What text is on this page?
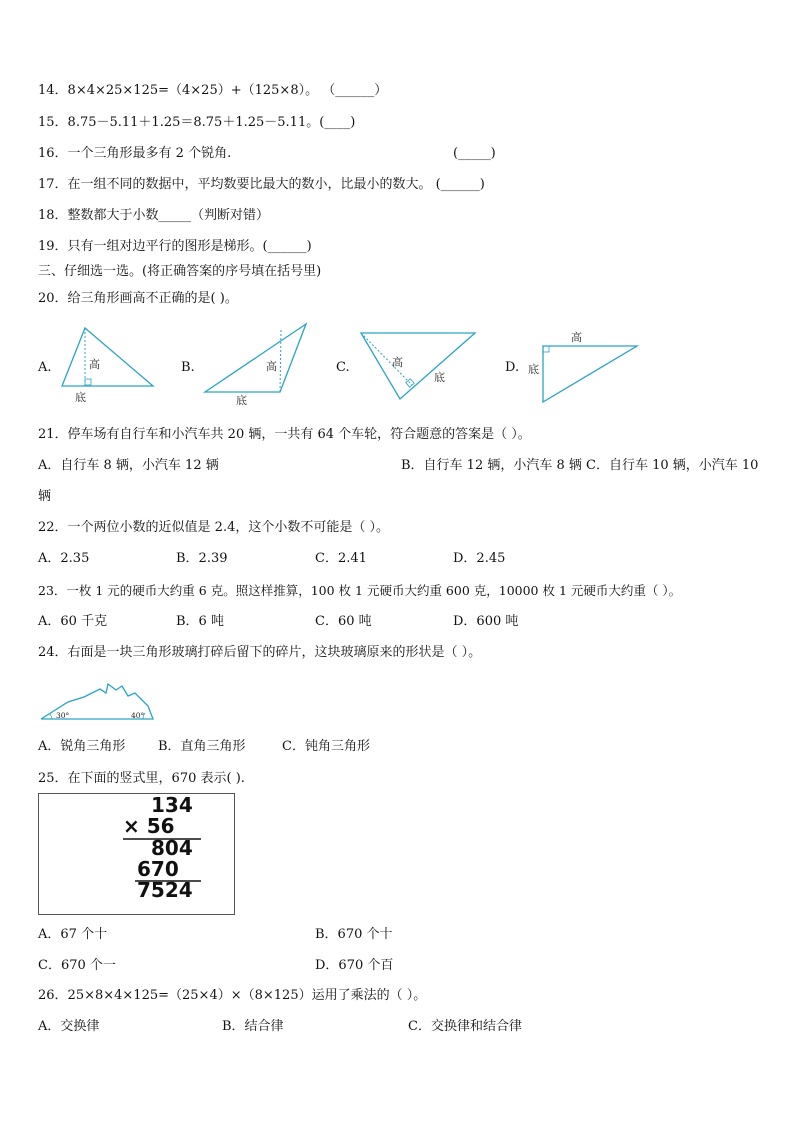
14．8×4×25×125=（4×25）+（125×8）。 （______）
15．8.75－5.11＋1.25＝8.75＋1.25－5.11。(____)
16．一个三角形最多有 2 个锐角.	(_____)
17．在一组不同的数据中，平均数要比最大的数小，比最小的数大。 (______)
18．整数都大于小数_____（判断对错）
19．只有一组对边平行的图形是梯形。(______)
三、仔细选一选。(将正确答案的序号填在括号里)
20．给三角形画高不正确的是( )。
A.	高
底
B.	高
底
C.	高
底
D.
高
底
21．停车场有自行车和小汽车共 20 辆，一共有 64 个车轮，符合题意的答案是（ ）。
A．自行车 8 辆，小汽车 12 辆	B．自行车 12 辆，小汽车 8 辆 C．自行车 10 辆，小汽车 10
辆
22．一个两位小数的近似值是 2.4，这个小数不可能是（ ）。
A．2.35	B．2.39	C．2.41	D．2.45
23．一枚 1 元的硬币大约重 6 克。照这样推算，100 枚 1 元硬币大约重 600 克，10000 枚 1 元硬币大约重（ ）。
A．60 千克	B．6 吨	C．60 吨	D．600 吨
24．右面是一块三角形玻璃打碎后留下的碎片，这块玻璃原来的形状是（ ）。
30°	40°
A．锐角三角形	B．直角三角形	C．钝角三角形
25．在下面的竖式里，670 表示( ).
134
× 56
804
670
7524
A．67 个十	B．670 个十
C．670 个一	D．670 个百
26．25×8×4×125=（25×4）×（8×125）运用了乘法的（ ）。
A．交换律	B．结合律	C．交换律和结合律
